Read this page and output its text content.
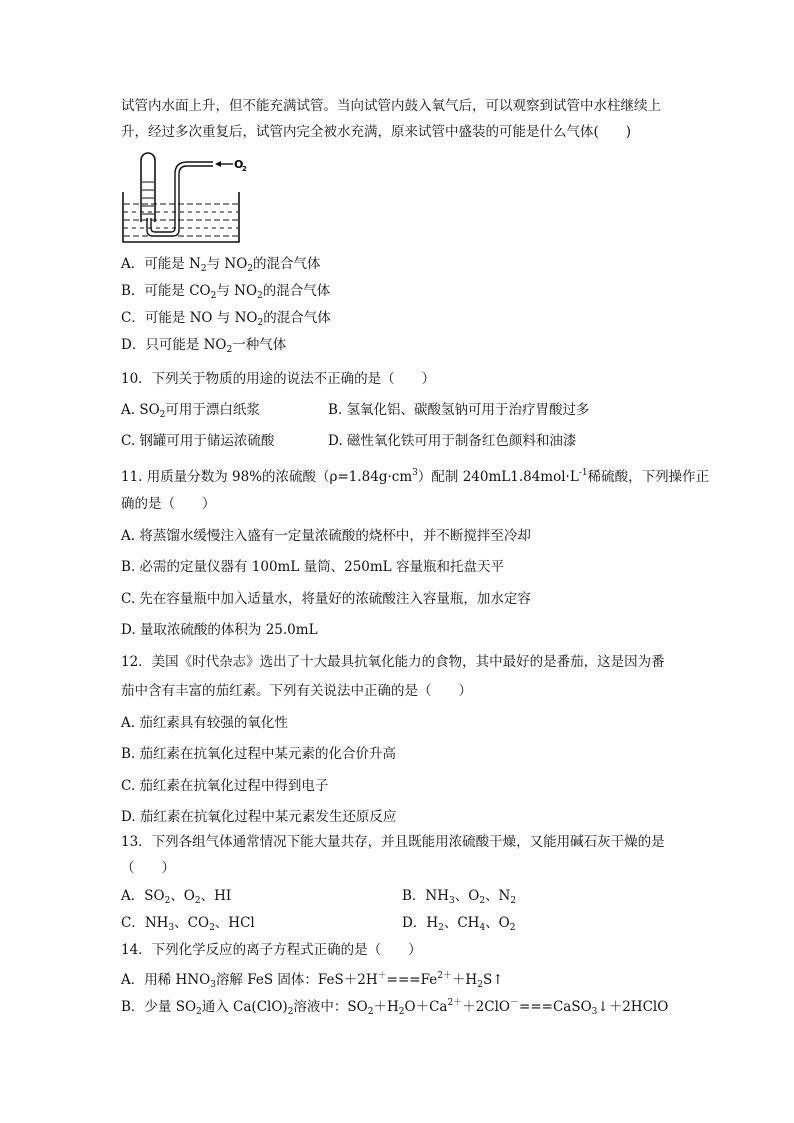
试管内水面上升，但不能充满试管。当向试管内鼓入氧气后，可以观察到试管中水柱继续上
升，经过多次重复后，试管内完全被水充满，原来试管中盛装的可能是什么气体(　　)
O
2
A．可能是 $N_2$与 $NO_2$的混合气体
B．可能是 $CO_2$与 $NO_2$的混合气体
C．可能是 NO 与 $NO_2$的混合气体
D．只可能是 $NO_2$一种气体
10．下列关于物质的用途的说法不正确的是（　　）
A. $SO_2$可用于漂白纸浆	B. 氢氧化铝、碳酸氢钠可用于治疗胃酸过多
C. 钢罐可用于储运浓硫酸	D. 磁性氧化铁可用于制备红色颜料和油漆
11. 用质量分数为 98%的浓硫酸$(\rho=1.84g\cdot cm^3)$配制 $240mL1.84mol\cdot L^{-1}$稀硫酸，下列操作正
确的是（　　）
A. 将蒸馏水缓慢注入盛有一定量浓硫酸的烧杯中，并不断搅拌至冷却
B. 必需的定量仪器有 100mL 量筒、250mL 容量瓶和托盘天平
C. 先在容量瓶中加入适量水，将量好的浓硫酸注入容量瓶，加水定容
D. 量取浓硫酸的体积为 25.0mL
12．美国《时代杂志》选出了十大最具抗氧化能力的食物，其中最好的是番茄，这是因为番
茄中含有丰富的茄红素。下列有关说法中正确的是（　　）
A. 茄红素具有较强的氧化性
B. 茄红素在抗氧化过程中某元素的化合价升高
C. 茄红素在抗氧化过程中得到电子
D. 茄红素在抗氧化过程中某元素发生还原反应
13．下列各组气体通常情况下能大量共存，并且既能用浓硫酸干燥，又能用碱石灰干燥的是
（　　）
A．$SO_2$、$O_2$、HI	B．$NH_3$、$O_2$、$N_2$
C．$NH_3$、$CO_2$、HCl	D．$H_2$、$CH_4$、$O_2$
14．下列化学反应的离子方程式正确的是（　　）
A．用稀 $HNO_3$溶解 FeS 固体：$FeS+2H^+===Fe^{2+}+H_2S↑$
B．少量 $SO_2$通入 $Ca(ClO)_2$溶液中：$SO_2+H_2O+Ca^{2+}+2ClO^-===CaSO_3↓+2HClO$
